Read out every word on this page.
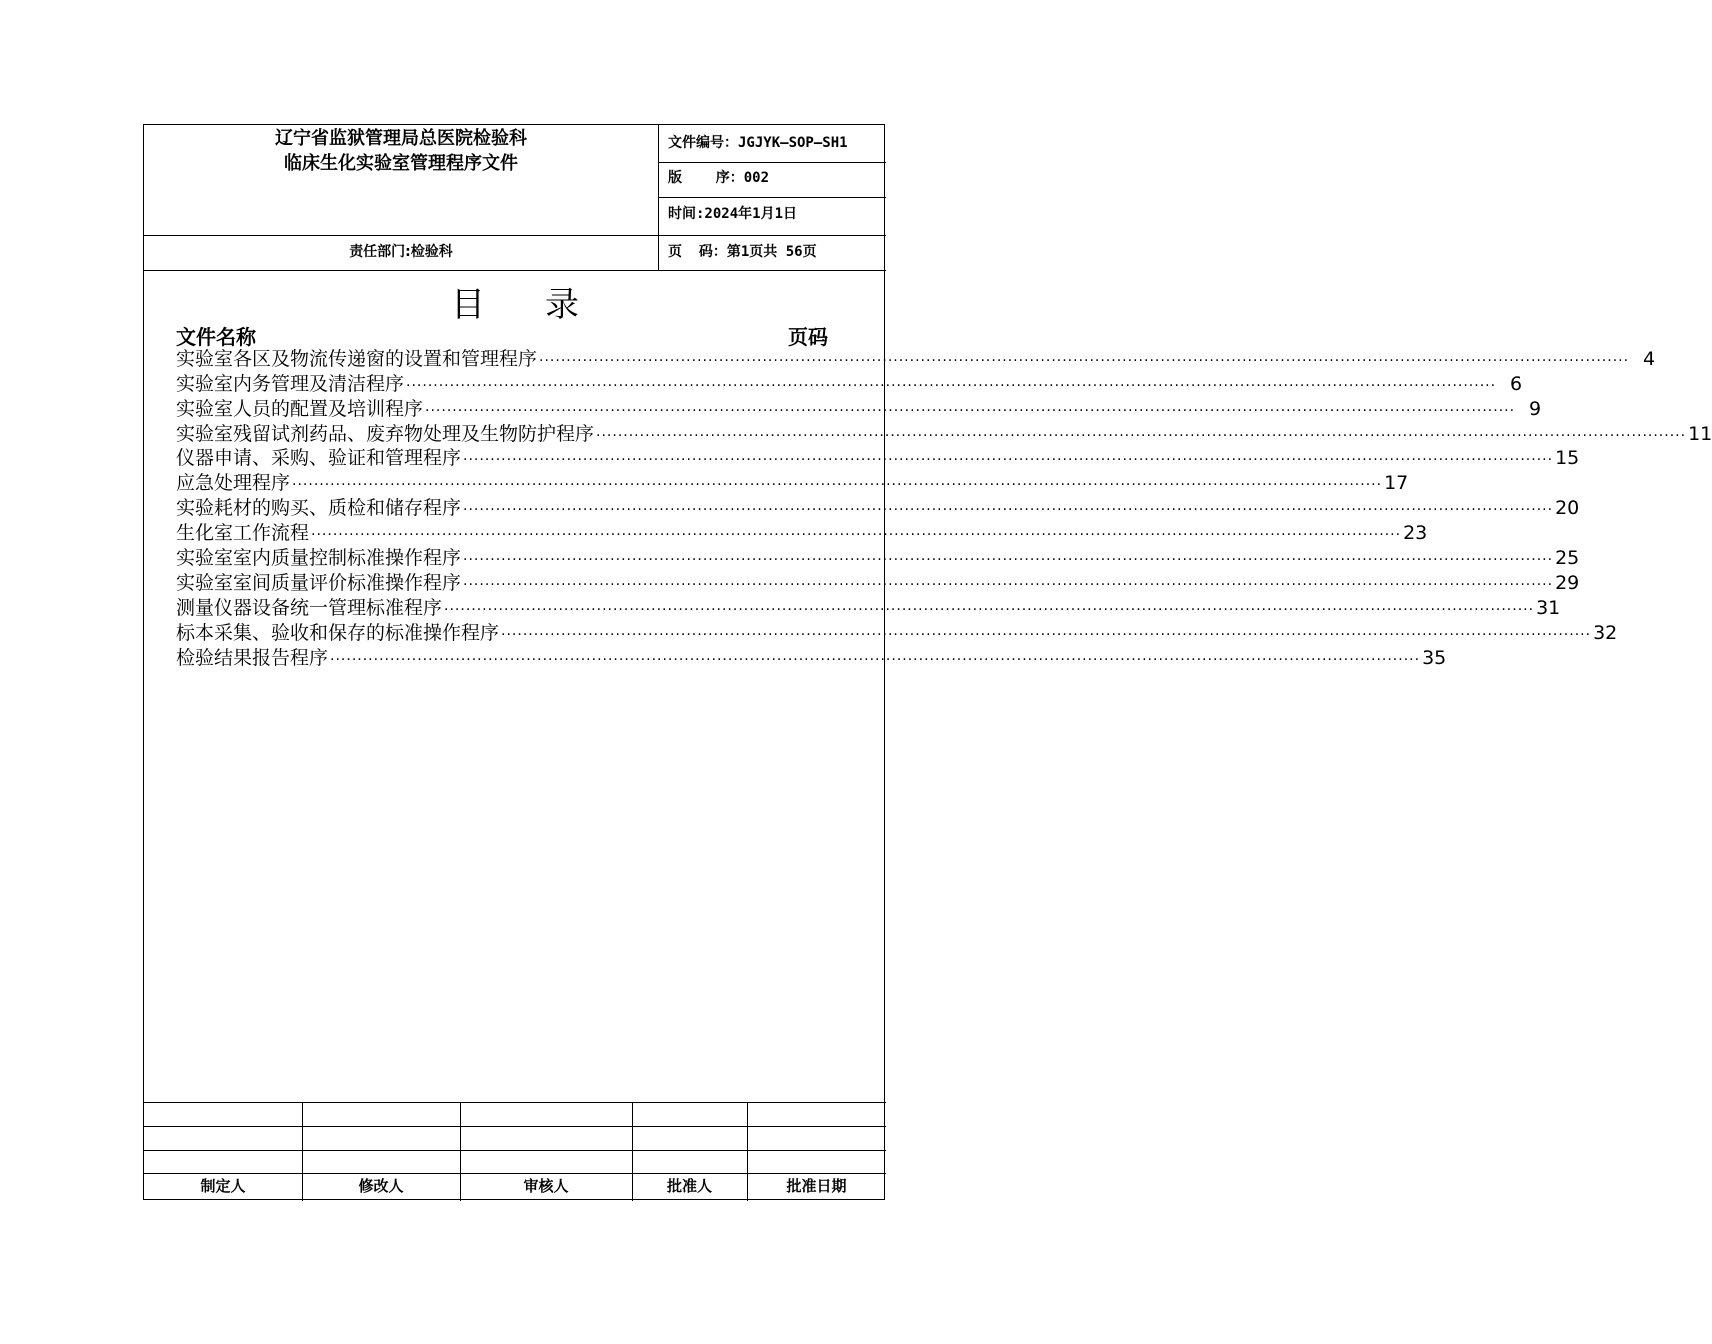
辽宁省监狱管理局总医院检验科
临床生化实验室管理程序文件
文件编号：JGJYK—SOP—SH1
版    序：002
时间:2024年1月1日
责任部门:检验科	页  码：第1页共 56页
目录
文件名称	页码
实验室各区及物流传递窗的设置和管理程序 ········································································································································································································ 4
实验室内务管理及清洁程序 ········································································································································································································ 6
实验室人员的配置及培训程序 ········································································································································································································ 9
实验室残留试剂药品、废弃物处理及生物防护程序 ········································································································································································································ 11
仪器申请、采购、验证和管理程序 ········································································································································································································ 15
应急处理程序 ········································································································································································································ 17
实验耗材的购买、质检和储存程序 ········································································································································································································ 20
生化室工作流程 ········································································································································································································ 23
实验室室内质量控制标准操作程序 ········································································································································································································ 25
实验室室间质量评价标准操作程序 ········································································································································································································ 29
测量仪器设备统一管理标准程序 ········································································································································································································ 31
标本采集、验收和保存的标准操作程序 ········································································································································································································ 32
检验结果报告程序 ········································································································································································································ 35
制定人	修改人	审核人	批准人	批准日期
